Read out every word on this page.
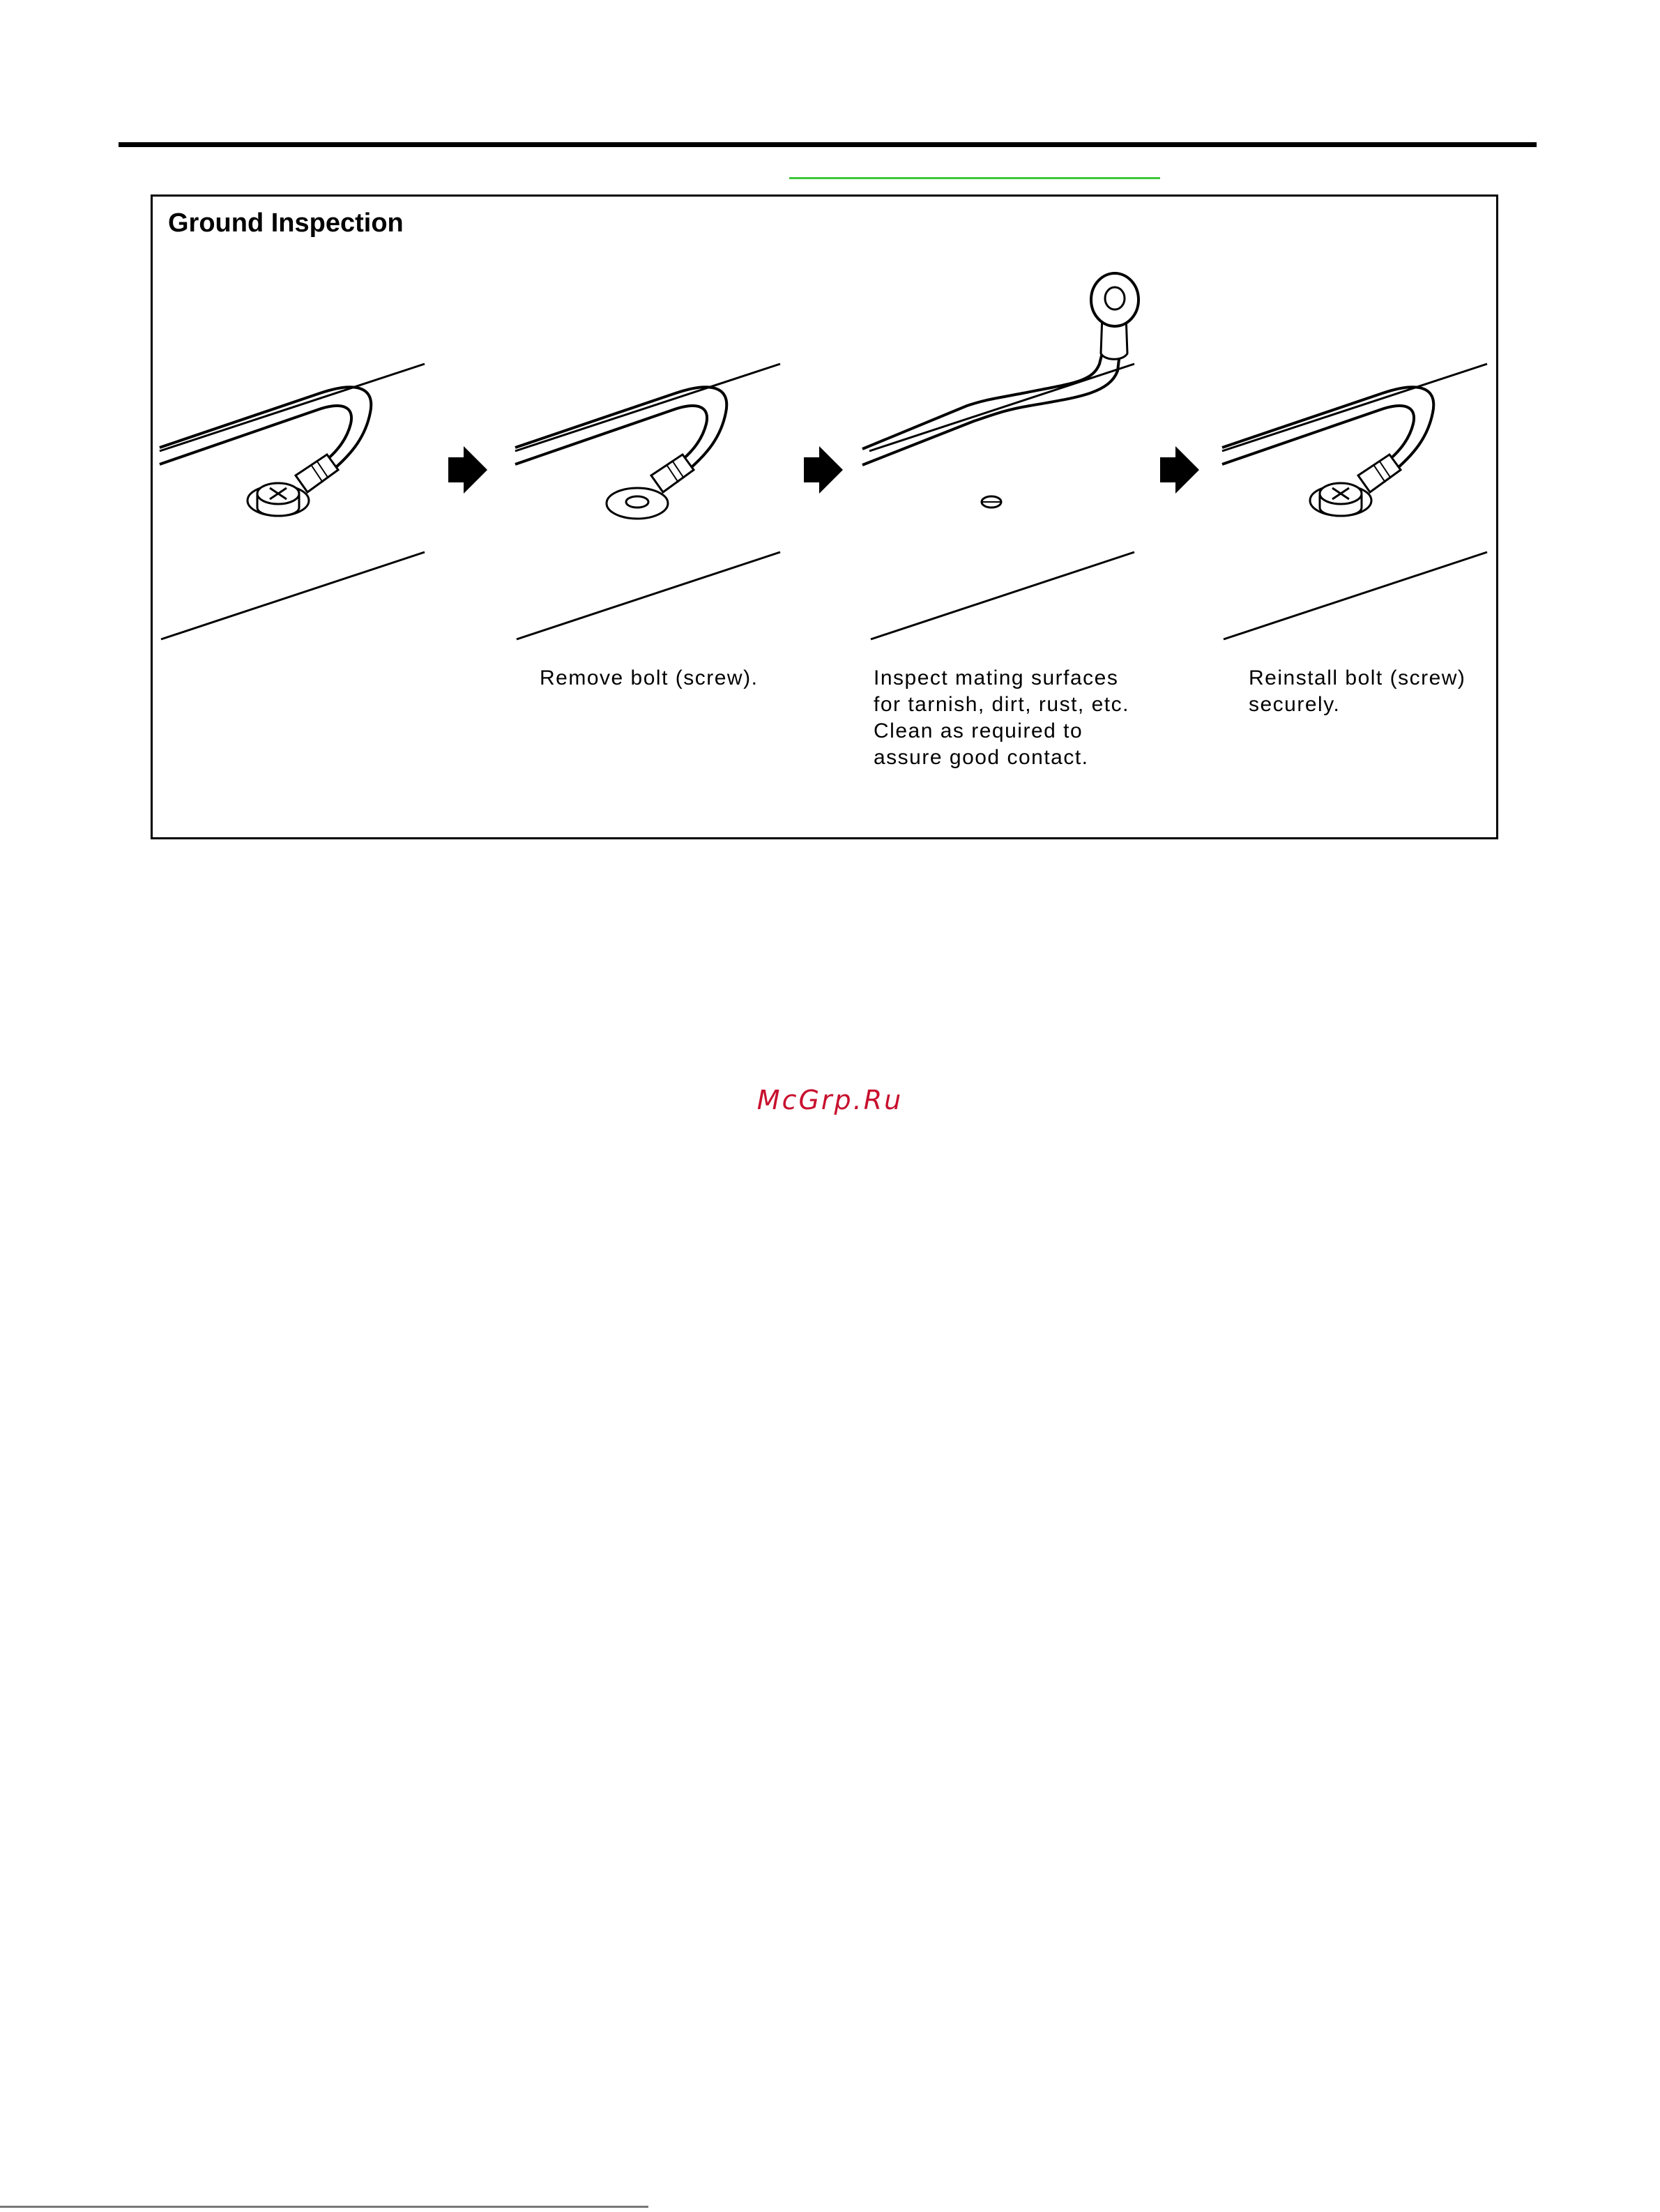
Ground Inspection
Remove bolt (screw).	Inspect mating surfaces
for tarnish, dirt, rust, etc.
Clean as required to
assure good contact.
Reinstall bolt (screw)
securely.
McGrp.Ru
